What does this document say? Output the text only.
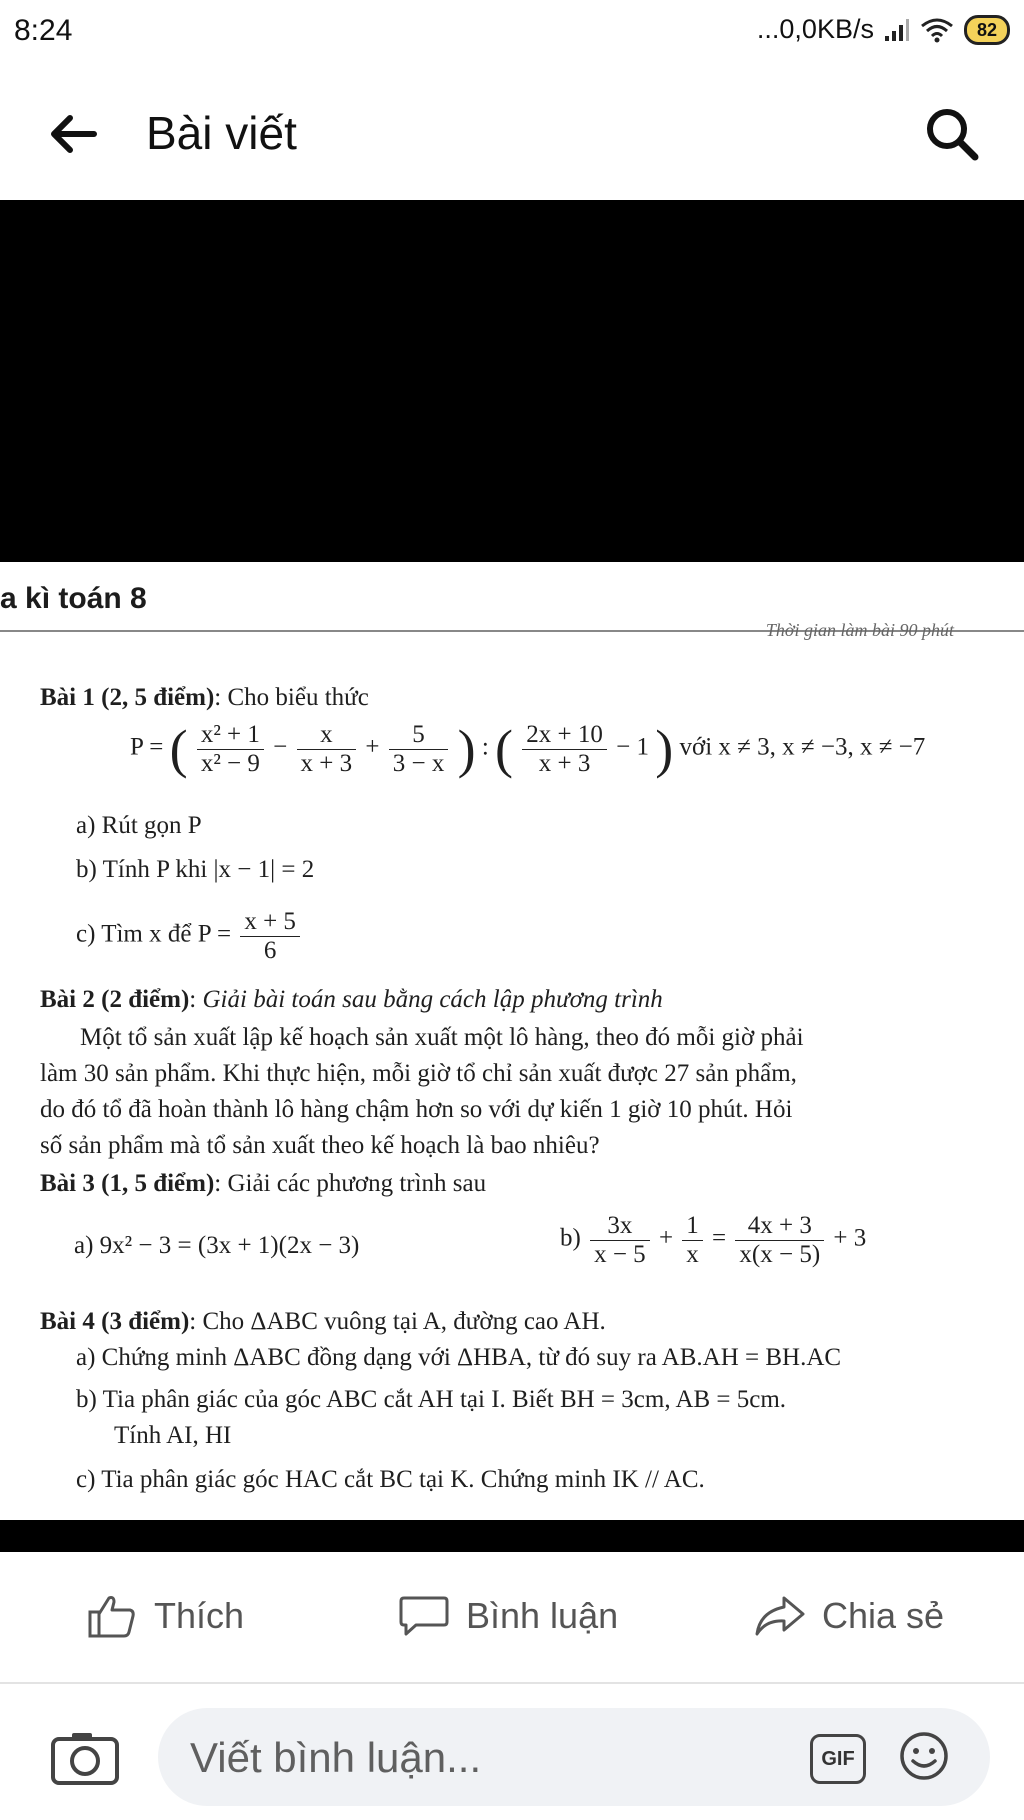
8:24	...0,0KB/s	82
Bài viết
a kì toán 8
Thời gian làm bài 90 phút
Bài 1 (2, 5 điểm): Cho biểu thức
P = ( $\frac{\text{x² + 1}}{\text{x² − 9}} - \frac{x}{x + 3} + \frac{5}{3 - x}$ ) : ( $\frac{2x + 10}{x + 3} - 1$ ) với x ≠ 3, x ≠ −3, x ≠ −7
a) Rút gọn P
b) Tính P khi |x − 1| = 2
c) Tìm x để $P = \frac{x + 5}{6}$
Bài 2 (2 điểm): Giải bài toán sau bằng cách lập phương trình
Một tổ sản xuất lập kế hoạch sản xuất một lô hàng, theo đó mỗi giờ phải
làm 30 sản phẩm. Khi thực hiện, mỗi giờ tổ chỉ sản xuất được 27 sản phẩm,
do đó tổ đã hoàn thành lô hàng chậm hơn so với dự kiến 1 giờ 10 phút. Hỏi
số sản phẩm mà tổ sản xuất theo kế hoạch là bao nhiêu?
Bài 3 (1, 5 điểm): Giải các phương trình sau
a) 9x² − 3 = (3x + 1)(2x − 3)	$b) \frac{3x}{x - 5} + \frac{1}{x} = \frac{4x + 3}{x(x - 5)} + 3$
Bài 4 (3 điểm): Cho ΔABC vuông tại A, đường cao AH.
a) Chứng minh ΔABC đồng dạng với ΔHBA, từ đó suy ra AB.AH = BH.AC
b) Tia phân giác của góc ABC cắt AH tại I. Biết BH = 3cm, AB = 5cm.
Tính AI, HI
c) Tia phân giác góc HAC cắt BC tại K. Chứng minh IK // AC.
Thích	Bình luận	Chia sẻ
Viết bình luận...
GIF
